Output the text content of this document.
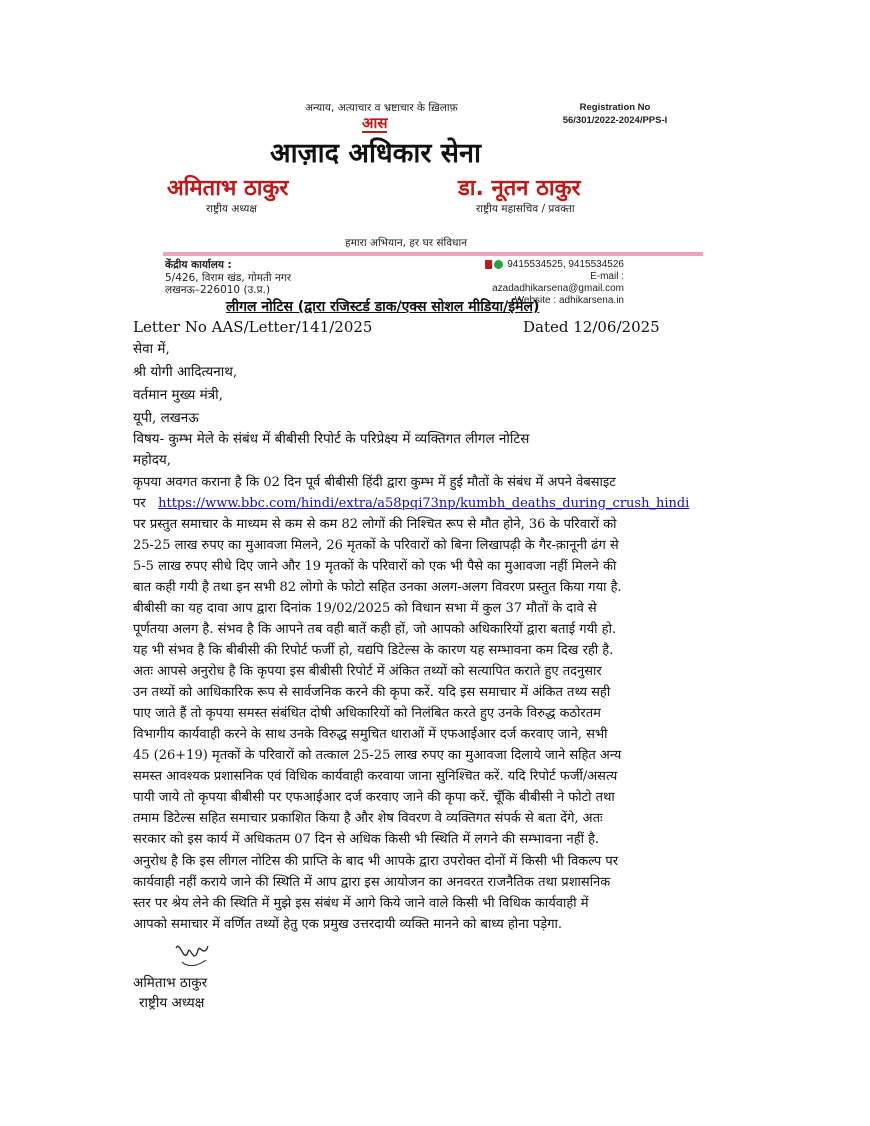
अन्याय, अत्याचार व भ्रष्टाचार के ख़िलाफ़	Registration No
56/301/2022-2024/PPS-I
आस
आज़ाद अधिकार सेना
अमिताभ ठाकुर	डा. नूतन ठाकुर
राष्ट्रीय अध्यक्ष	राष्ट्रीय महासचिव / प्रवक्ता
हमारा अभियान, हर घर संविधान
केंद्रीय कार्यालय :
5/426, विराम खंड, गोमती नगर
लखनऊ–226010 (उ.प्र.)
9415534525, 9415534526
E-mail : azadadhikarsena@gmail.com
Website : adhikarsena.in
लीगल नोटिस (द्वारा रजिस्टर्ड डाक/एक्स सोशल मीडिया/ईमेल)
Letter No AAS/Letter/141/2025	Dated 12/06/2025
सेवा में,
श्री योगी आदित्यनाथ,
वर्तमान मुख्य मंत्री,
यूपी, लखनऊ
विषय- कुम्भ मेले के संबंध में बीबीसी रिपोर्ट के परिप्रेक्ष्य में व्यक्तिगत लीगल नोटिस
महोदय,
कृपया अवगत कराना है कि 02 दिन पूर्व बीबीसी हिंदी द्वारा कुम्भ में हुई मौतों के संबंध में अपने वेबसाइट
पर https://www.bbc.com/hindi/extra/a58pqi73np/kumbh_deaths_during_crush_hindi
पर प्रस्तुत समाचार के माध्यम से कम से कम 82 लोगों की निश्चित रूप से मौत होने, 36 के परिवारों को
25-25 लाख रुपए का मुआवजा मिलने, 26 मृतकों के परिवारों को बिना लिखापढ़ी के गैर-क़ानूनी ढंग से
5-5 लाख रुपए सीधे दिए जाने और 19 मृतकों के परिवारों को एक भी पैसे का मुआवजा नहीं मिलने की
बात कही गयी है तथा इन सभी 82 लोगो के फोटो सहित उनका अलग-अलग विवरण प्रस्तुत किया गया है.
बीबीसी का यह दावा आप द्वारा दिनांक 19/02/2025 को विधान सभा में कुल 37 मौतों के दावे से
पूर्णतया अलग है. संभव है कि आपने तब वही बातें कही हों, जो आपको अधिकारियों द्वारा बताई गयी हो.
यह भी संभव है कि बीबीसी की रिपोर्ट फर्जी हो, यद्यपि डिटेल्स के कारण यह सम्भावना कम दिख रही है.
अतः आपसे अनुरोध है कि कृपया इस बीबीसी रिपोर्ट में अंकित तथ्यों को सत्यापित कराते हुए तदनुसार
उन तथ्यों को आधिकारिक रूप से सार्वजनिक करने की कृपा करें. यदि इस समाचार में अंकित तथ्य सही
पाए जाते हैं तो कृपया समस्त संबंधित दोषी अधिकारियों को निलंबित करते हुए उनके विरुद्ध कठोरतम
विभागीय कार्यवाही करने के साथ उनके विरुद्ध समुचित धाराओं में एफआईआर दर्ज करवाए जाने, सभी
45 (26+19) मृतकों के परिवारों को तत्काल 25-25 लाख रुपए का मुआवजा दिलाये जाने सहित अन्य
समस्त आवश्यक प्रशासनिक एवं विधिक कार्यवाही करवाया जाना सुनिश्चित करें. यदि रिपोर्ट फर्जी/असत्य
पायी जाये तो कृपया बीबीसी पर एफआईआर दर्ज करवाए जाने की कृपा करें. चूँकि बीबीसी ने फोटो तथा
तमाम डिटेल्स सहित समाचार प्रकाशित किया है और शेष विवरण वे व्यक्तिगत संपर्क से बता देंगे, अतः
सरकार को इस कार्य में अधिकतम 07 दिन से अधिक किसी भी स्थिति में लगने की सम्भावना नहीं है.
अनुरोध है कि इस लीगल नोटिस की प्राप्ति के बाद भी आपके द्वारा उपरोक्त दोनों में किसी भी विकल्प पर
कार्यवाही नहीं कराये जाने की स्थिति में आप द्वारा इस आयोजन का अनवरत राजनैतिक तथा प्रशासनिक
स्तर पर श्रेय लेने की स्थिति में मुझे इस संबंध में आगे किये जाने वाले किसी भी विधिक कार्यवाही में
आपको समाचार में वर्णित तथ्यों हेतु एक प्रमुख उत्तरदायी व्यक्ति मानने को बाध्य होना पड़ेगा.
अमिताभ ठाकुर
राष्ट्रीय अध्यक्ष
